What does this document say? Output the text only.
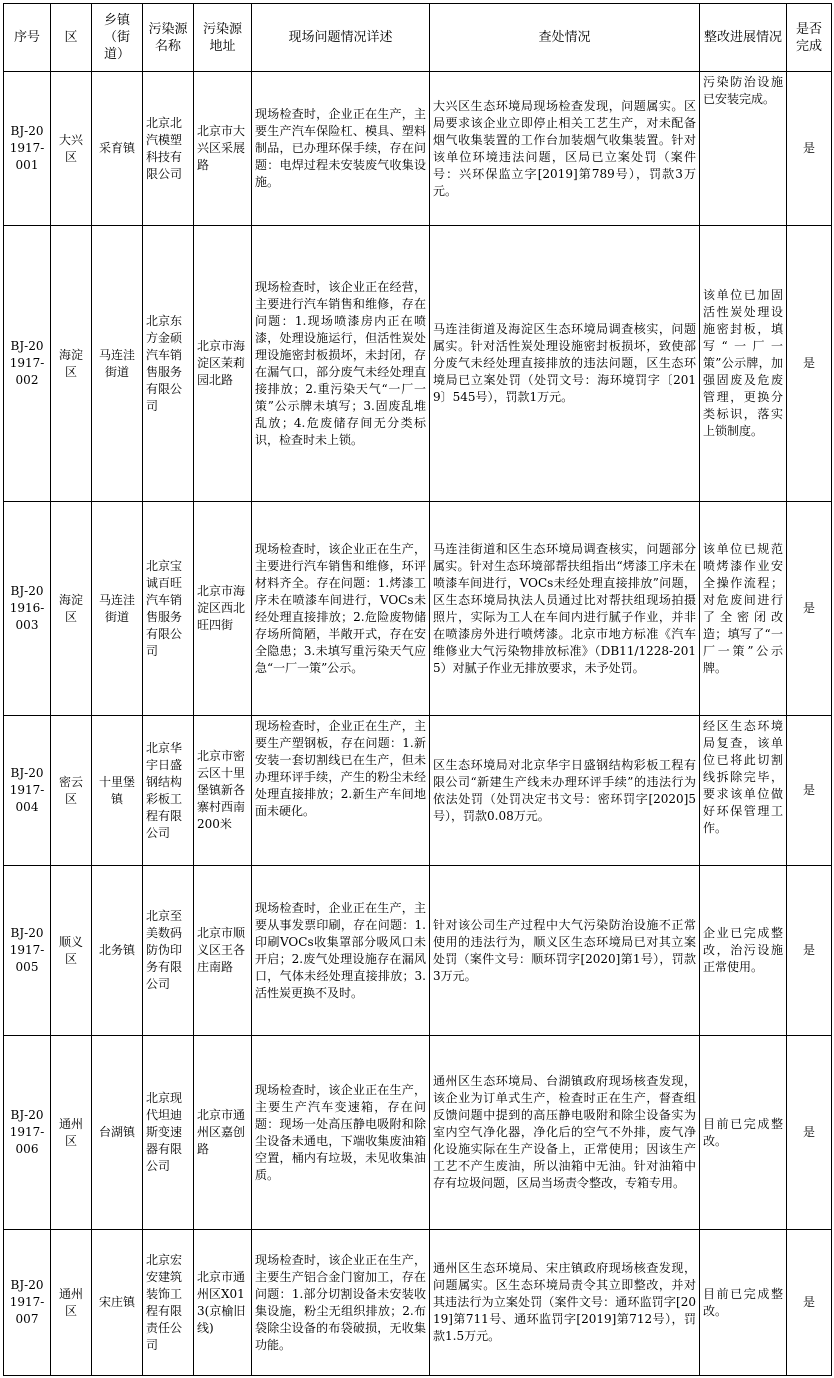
序号	区	乡镇（街道）	污染源名称	污染源地址	现场问题情况详述	查处情况	整改进展情况	是否完成
BJ-201917-001	大兴区	采育镇	北京北汽模塑科技有限公司	北京市大兴区采展路	现场检查时，企业正在生产，主要生产汽车保险杠、模具、塑料制品，已办理环保手续，存在问题：电焊过程未安装废气收集设施。	大兴区生态环境局现场检查发现，问题属实。区局要求该企业立即停止相关工艺生产，对未配备烟气收集装置的工作台加装烟气收集装置。针对该单位环境违法问题，区局已立案处罚（案件号：兴环保监立字[2019]第789号），罚款3万元。	污染防治设施已安装完成。	是
BJ-201917-002	海淀区	马连洼街道	北京东方金硕汽车销售服务有限公司	北京市海淀区茉莉园北路	现场检查时，该企业正在经营，主要进行汽车销售和维修，存在问题：1.现场喷漆房内正在喷漆，处理设施运行，但活性炭处理设施密封板损坏，未封闭，存在漏气口，部分废气未经处理直接排放；2.重污染天气“一厂一策”公示牌未填写；3.固废乱堆乱放；4.危废储存间无分类标识，检查时未上锁。	马连洼街道及海淀区生态环境局调查核实，问题属实。针对活性炭处理设施密封板损坏，致使部分废气未经处理直接排放的违法问题，区生态环境局已立案处罚（处罚文号：海环境罚字〔2019〕545号），罚款1万元。	该单位已加固活性炭处理设施密封板，填写“一厂一策”公示牌，加强固废及危废管理，更换分类标识，落实上锁制度。	是
BJ-201916-003	海淀区	马连洼街道	北京宝诚百旺汽车销售服务有限公司	北京市海淀区西北旺四街	现场检查时，该企业正在生产，主要进行汽车销售和维修，环评材料齐全。存在问题：1.烤漆工序未在喷漆车间进行，VOCs未经处理直接排放；2.危险废物储存场所简陋，半敞开式，存在安全隐患；3.未填写重污染天气应急“一厂一策”公示。	马连洼街道和区生态环境局调查核实，问题部分属实。针对生态环境部帮扶组指出“烤漆工序未在喷漆车间进行，VOCs未经处理直接排放”问题，区生态环境局执法人员通过比对帮扶组现场拍摄照片，实际为工人在车间内进行腻子作业，并非在喷漆房外进行喷烤漆。北京市地方标准《汽车维修业大气污染物排放标准》（DB11/1228-2015）对腻子作业无排放要求，未予处罚。	该单位已规范喷烤漆作业安全操作流程；对危废间进行了全密闭改造；填写了“一厂一策”公示牌。	是
BJ-201917-004	密云区	十里堡镇	北京华宇日盛钢结构彩板工程有限公司	北京市密云区十里堡镇新各寨村西南200米	现场检查时，企业正在生产，主要生产塑钢板，存在问题：1.新安装一套切割线已在生产，但未办理环评手续，产生的粉尘未经处理直接排放；2.新生产车间地面未硬化。	区生态环境局对北京华宇日盛钢结构彩板工程有限公司“新建生产线未办理环评手续”的违法行为依法处罚（处罚决定书文号：密环罚字[2020]5号），罚款0.08万元。	经区生态环境局复查，该单位已将此切割线拆除完毕，要求该单位做好环保管理工作。	是
BJ-201917-005	顺义区	北务镇	北京至美数码防伪印务有限公司	北京市顺义区王各庄南路	现场检查时，企业正在生产，主要从事发票印刷，存在问题：1.印刷VOCs收集罩部分吸风口未开启；2.废气处理设施存在漏风口，气体未经处理直接排放；3.活性炭更换不及时。	针对该公司生产过程中大气污染防治设施不正常使用的违法行为，顺义区生态环境局已对其立案处罚（案件文号：顺环罚字[2020]第1号），罚款3万元。	企业已完成整改，治污设施正常使用。	是
BJ-201917-006	通州区	台湖镇	北京现代坦迪斯变速器有限公司	北京市通州区嘉创路	现场检查时，该企业正在生产，主要生产汽车变速箱，存在问题：现场一处高压静电吸附和除尘设备未通电，下端收集废油箱空置，桶内有垃圾，未见收集油质。	通州区生态环境局、台湖镇政府现场核查发现，该企业为订单式生产，检查时正在生产，督查组反馈问题中提到的高压静电吸附和除尘设备实为室内空气净化器，净化后的空气不外排，废气净化设施实际在生产设备上，正常使用；因该生产工艺不产生废油，所以油箱中无油。针对油箱中存有垃圾问题，区局当场责令整改，专箱专用。	目前已完成整改。	是
BJ-201917-007	通州区	宋庄镇	北京宏安建筑装饰工程有限责任公司	北京市通州区X013(京榆旧线)	现场检查时，该企业正在生产，主要生产铝合金门窗加工，存在问题：1.部分切割设备未安装收集设施，粉尘无组织排放；2.布袋除尘设备的布袋破损，无收集功能。	通州区生态环境局、宋庄镇政府现场核查发现，问题属实。区生态环境局责令其立即整改，并对其违法行为立案处罚（案件文号：通环监罚字[2019]第711号、通环监罚字[2019]第712号），罚款1.5万元。	目前已完成整改。	是
